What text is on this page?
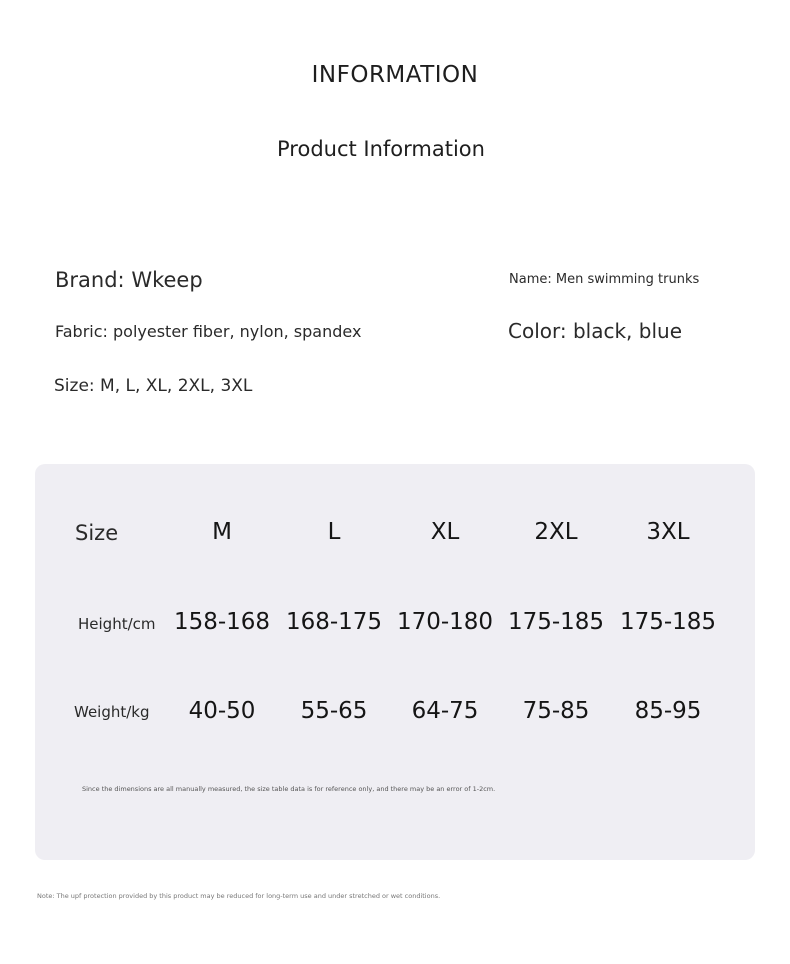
INFORMATION
Product Information
Brand: Wkeep	Name: Men swimming trunks
Fabric: polyester fiber, nylon, spandex	Color: black, blue
Size: M, L, XL, 2XL, 3XL
Size	M	L	XL	2XL	3XL
Height/cm 158-168 168-175 170-180 175-185 175-185
Weight/kg	40-50	55-65	64-75	75-85	85-95
Since the dimensions are all manually measured, the size table data is for reference only, and there may be an error of 1-2cm.
Note: The upf protection provided by this product may be reduced for long-term use and under stretched or wet conditions.
